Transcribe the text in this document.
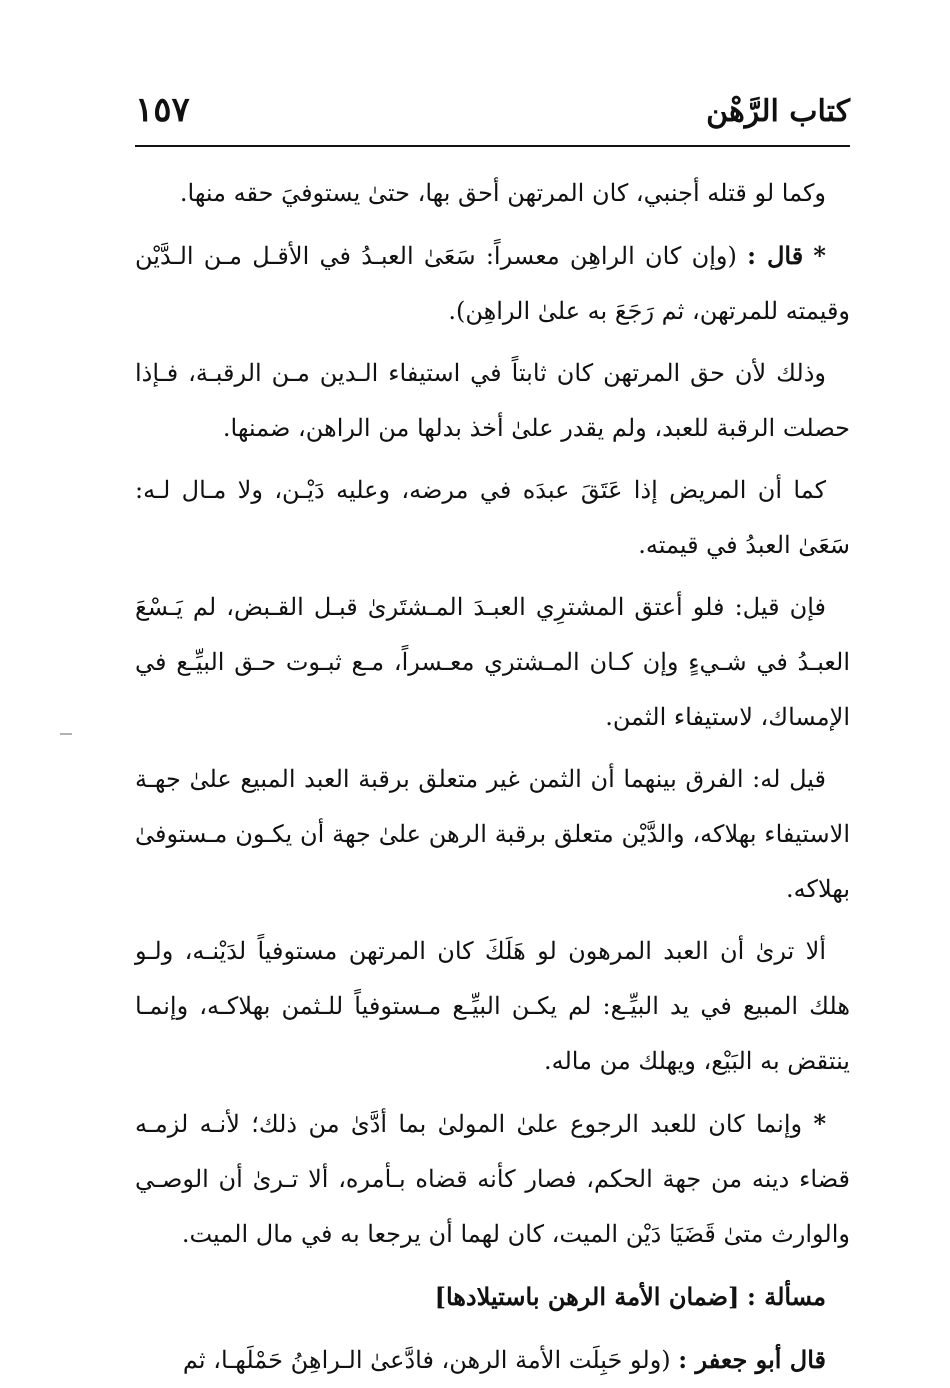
كتاب الرَّهْن
١٥٧

وكما لو قتله أجنبي، كان المرتهن أحق بها، حتىٰ يستوفيَ حقه منها.

* قال : (وإن كان الراهِن معسراً: سَعَىٰ العبـدُ في الأقـل مـن الـدَّيْن وقيمته للمرتهن، ثم رَجَعَ به علىٰ الراهِن).

وذلك لأن حق المرتهن كان ثابتاً في استيفاء الـدين مـن الرقبـة، فـإذا حصلت الرقبة للعبد، ولم يقدر علىٰ أخذ بدلها من الراهن، ضمنها.

كما أن المريض إذا عَتَقَ عبدَه في مرضه، وعليه دَيْـن، ولا مـال لـه: سَعَىٰ العبدُ في قيمته.

فإن قيل: فلو أعتق المشترِي العبـدَ المـشتَرىٰ قبـل القـبض، لم يَـسْعَ العبـدُ في شـيءٍ وإن كـان المـشتري معـسراً، مـع ثبـوت حـق البيِّـع في الإمساك، لاستيفاء الثمن.

قيل له: الفرق بينهما أن الثمن غير متعلق برقبة العبد المبيع علىٰ جهـة الاستيفاء بهلاكه، والدَّيْن متعلق برقبة الرهن علىٰ جهة أن يكـون مـستوفىٰ بهلاكه.

ألا ترىٰ أن العبد المرهون لو هَلَكَ كان المرتهن مستوفياً لدَيْنـه، ولـو هلك المبيع في يد البيِّـع: لم يكـن البيِّـع مـستوفياً للـثمن بهلاكـه، وإنمـا ينتقض به البَيْع، ويهلك من ماله.

* وإنما كان للعبد الرجوع علىٰ المولىٰ بما أدَّىٰ من ذلك؛ لأنـه لزمـه قضاء دينه من جهة الحكم، فصار كأنه قضاه بـأمره، ألا تـرىٰ أن الوصـي والوارث متىٰ قَضَيَا دَيْن الميت، كان لهما أن يرجعا به في مال الميت.

مسألة : [ضمان الأمة الرهن باستيلادها]

قال أبو جعفر : (ولو حَبِلَت الأمة الرهن، فادَّعىٰ الـراهِنُ حَمْلَهـا، ثم
